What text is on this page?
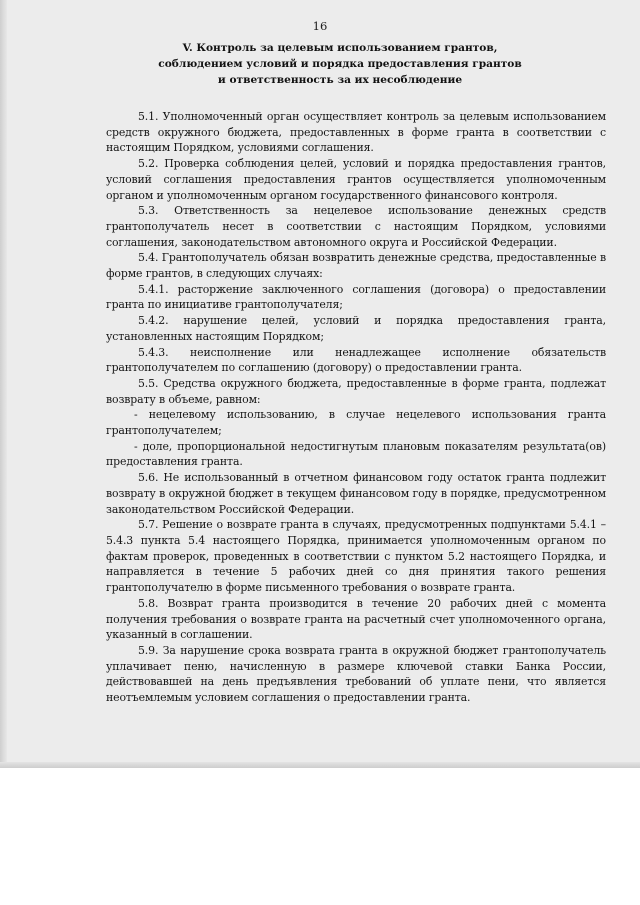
16
V. Контроль за целевым использованием грантов,
соблюдением условий и порядка предоставления грантов
и ответственность за их несоблюдение

5.1. Уполномоченный орган осуществляет контроль за целевым использованием средств окружного бюджета, предоставленных в форме гранта в соответствии с настоящим Порядком, условиями соглашения.

5.2. Проверка соблюдения целей, условий и порядка предоставления грантов, условий соглашения предоставления грантов осуществляется уполномоченным органом и уполномоченным органом государственного финансового контроля.

5.3. Ответственность за нецелевое использование денежных средств грантополучатель несет в соответствии с настоящим Порядком, условиями соглашения, законодательством автономного округа и Российской Федерации.

5.4. Грантополучатель обязан возвратить денежные средства, предоставленные в форме грантов, в следующих случаях:

5.4.1. расторжение заключенного соглашения (договора) о предоставлении гранта по инициативе грантополучателя;

5.4.2. нарушение целей, условий и порядка предоставления гранта, установленных настоящим Порядком;

5.4.3. неисполнение или ненадлежащее исполнение обязательств грантополучателем по соглашению (договору) о предоставлении гранта.

5.5. Средства окружного бюджета, предоставленные в форме гранта, подлежат возврату в объеме, равном:

- нецелевому использованию, в случае нецелевого использования гранта грантополучателем;

- доле, пропорциональной недостигнутым плановым показателям результата(ов) предоставления гранта.

5.6. Не использованный в отчетном финансовом году остаток гранта подлежит возврату в окружной бюджет в текущем финансовом году в порядке, предусмотренном законодательством Российской Федерации.

5.7. Решение о возврате гранта в случаях, предусмотренных подпунктами 5.4.1 – 5.4.3 пункта 5.4 настоящего Порядка, принимается уполномоченным органом по фактам проверок, проведенных в соответствии с пунктом 5.2 настоящего Порядка, и направляется в течение 5 рабочих дней со дня принятия такого решения грантополучателю в форме письменного требования о возврате гранта.

5.8. Возврат гранта производится в течение 20 рабочих дней с момента получения требования о возврате гранта на расчетный счет уполномоченного органа, указанный в соглашении.

5.9. За нарушение срока возврата гранта в окружной бюджет грантополучатель уплачивает пеню, начисленную в размере ключевой ставки Банка России, действовавшей на день предъявления требований об уплате пени, что является неотъемлемым условием соглашения о предоставлении гранта.
